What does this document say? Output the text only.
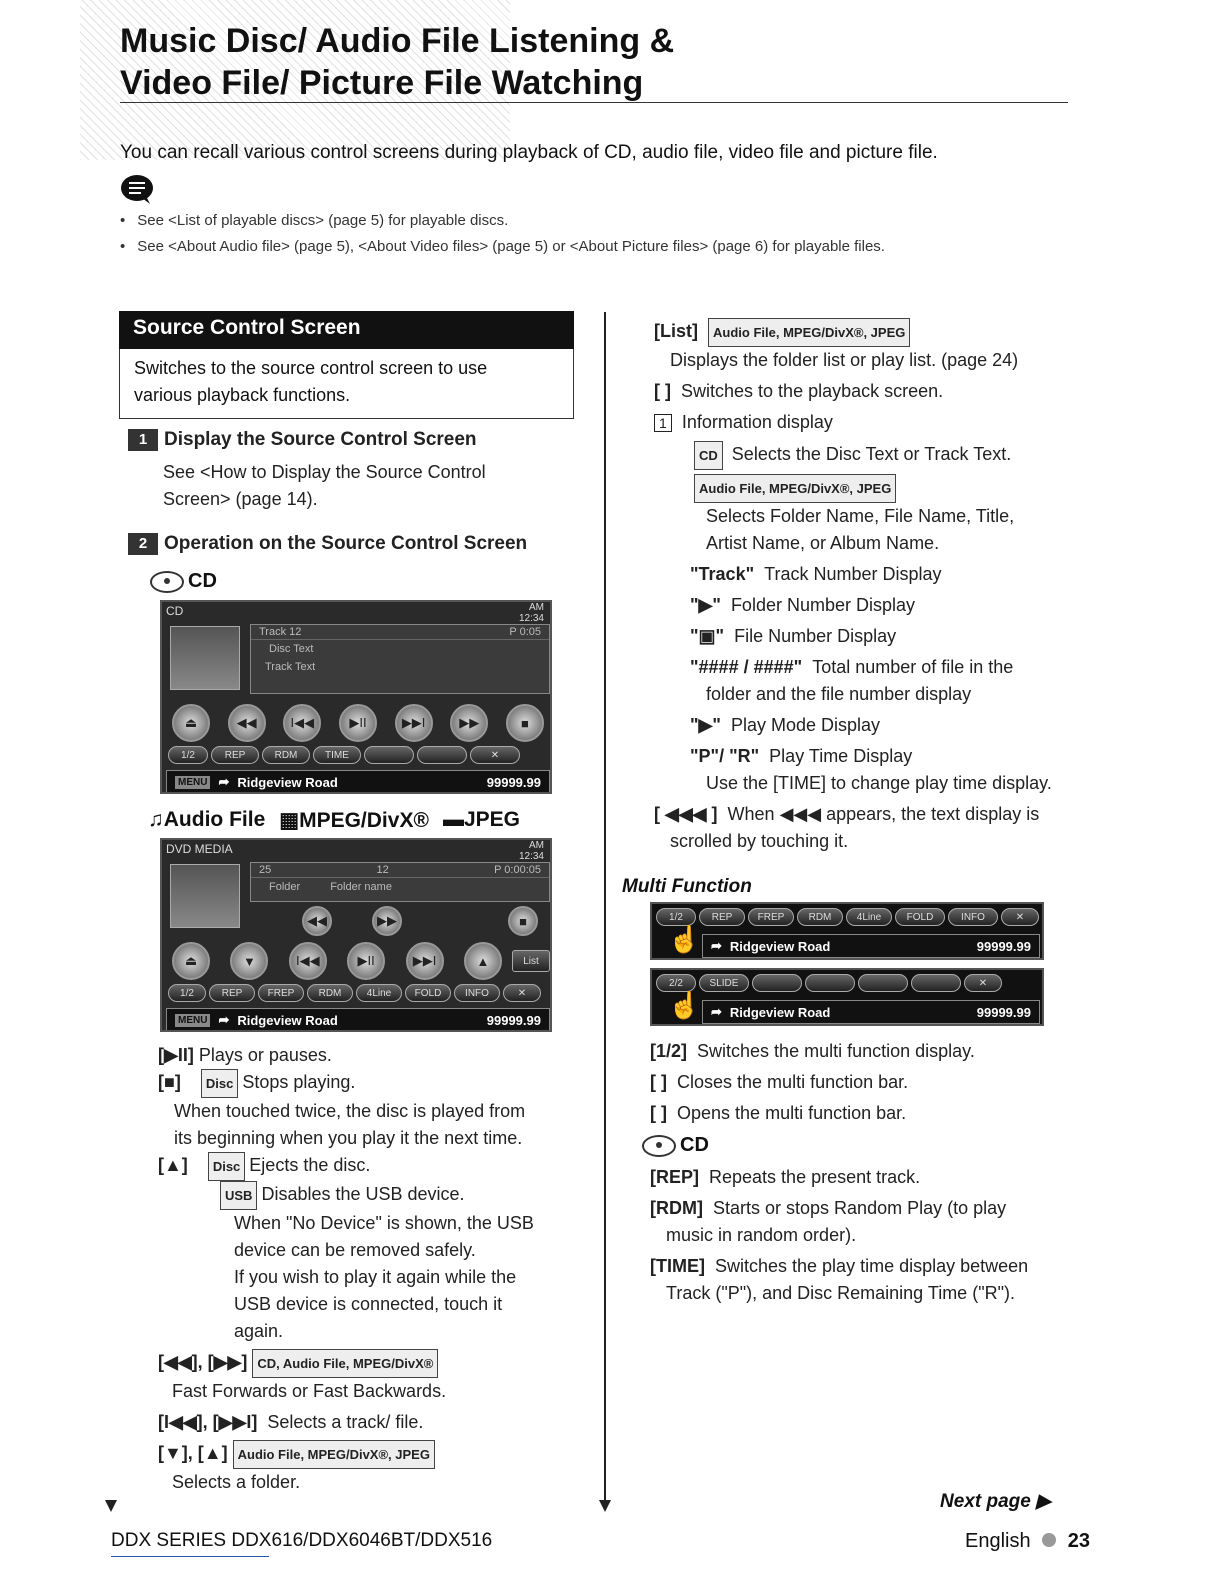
Music Disc/ Audio File Listening &
Video File/ Picture File Watching
You can recall various control screens during playback of CD, audio file, video file and picture file.
• See <List of playable discs> (page 5) for playable discs.
• See <About Audio file> (page 5), <About Video files> (page 5) or <About Picture files> (page 6) for playable files.
Source Control Screen
Switches to the source control screen to use
various playback functions.
1 Display the Source Control Screen
See <How to Display the Source Control
Screen> (page 14).
2 Operation on the Source Control Screen
CD
CD	AM
12:34
Track 12	P 0:05
Disc Text
Track Text
⏏	◀◀	I◀◀	▶II	▶▶I	▶▶	■
1/2	REP	RDM	TIME	✕
MENU ➦ Ridgeview Road	99999.99
♫Audio File ▦MPEG/DivX® ▬JPEG
DVD MEDIA	AM
12:34
25	12	P 0:00:05
Folder	Folder name
◀◀	▶▶	■
⏏	▼	I◀◀	▶II	▶▶I	▲	List
1/2	REP	FREP	RDM	4Line	FOLD	INFO	✕
MENU ➦ Ridgeview Road	99999.99
[▶II] Plays or pauses.
[■] Disc Stops playing.
When touched twice, the disc is played from
its beginning when you play it the next time.
[▲] Disc Ejects the disc.
USB Disables the USB device.
When "No Device" is shown, the USB
device can be removed safely.
If you wish to play it again while the
USB device is connected, touch it
again.
[◀◀], [▶▶] CD, Audio File, MPEG/DivX®
Fast Forwards or Fast Backwards.
[I◀◀], [▶▶I] Selects a track/ file.
[▼], [▲] Audio File, MPEG/DivX®, JPEG
Selects a folder.
[List] Audio File, MPEG/DivX®, JPEG
Displays the folder list or play list. (page 24)
[ ] Switches to the playback screen.
1 Information display
CD Selects the Disc Text or Track Text.
Audio File, MPEG/DivX®, JPEG
Selects Folder Name, File Name, Title,
Artist Name, or Album Name.
"Track" Track Number Display
"▶" Folder Number Display
"▣" File Number Display
"#### / ####" Total number of file in the
folder and the file number display
"▶" Play Mode Display
"P"/ "R" Play Time Display
Use the [TIME] to change play time display.
[ ◀◀◀ ] When ◀◀◀ appears, the text display is
scrolled by touching it.
Multi Function
1/2	REP	FREP	RDM	4Line	FOLD	INFO	✕
➦ Ridgeview Road	99999.99
☝
2/2	SLIDE	✕
➦ Ridgeview Road	99999.99
☝
[1/2] Switches the multi function display.
[ ] Closes the multi function bar.
[ ] Opens the multi function bar.
CD
[REP] Repeats the present track.
[RDM] Starts or stops Random Play (to play
music in random order).
[TIME] Switches the play time display between
Track ("P"), and Disc Remaining Time ("R").
Next page ▶
DDX SERIES DDX616/DDX6046BT/DDX516	English 23
